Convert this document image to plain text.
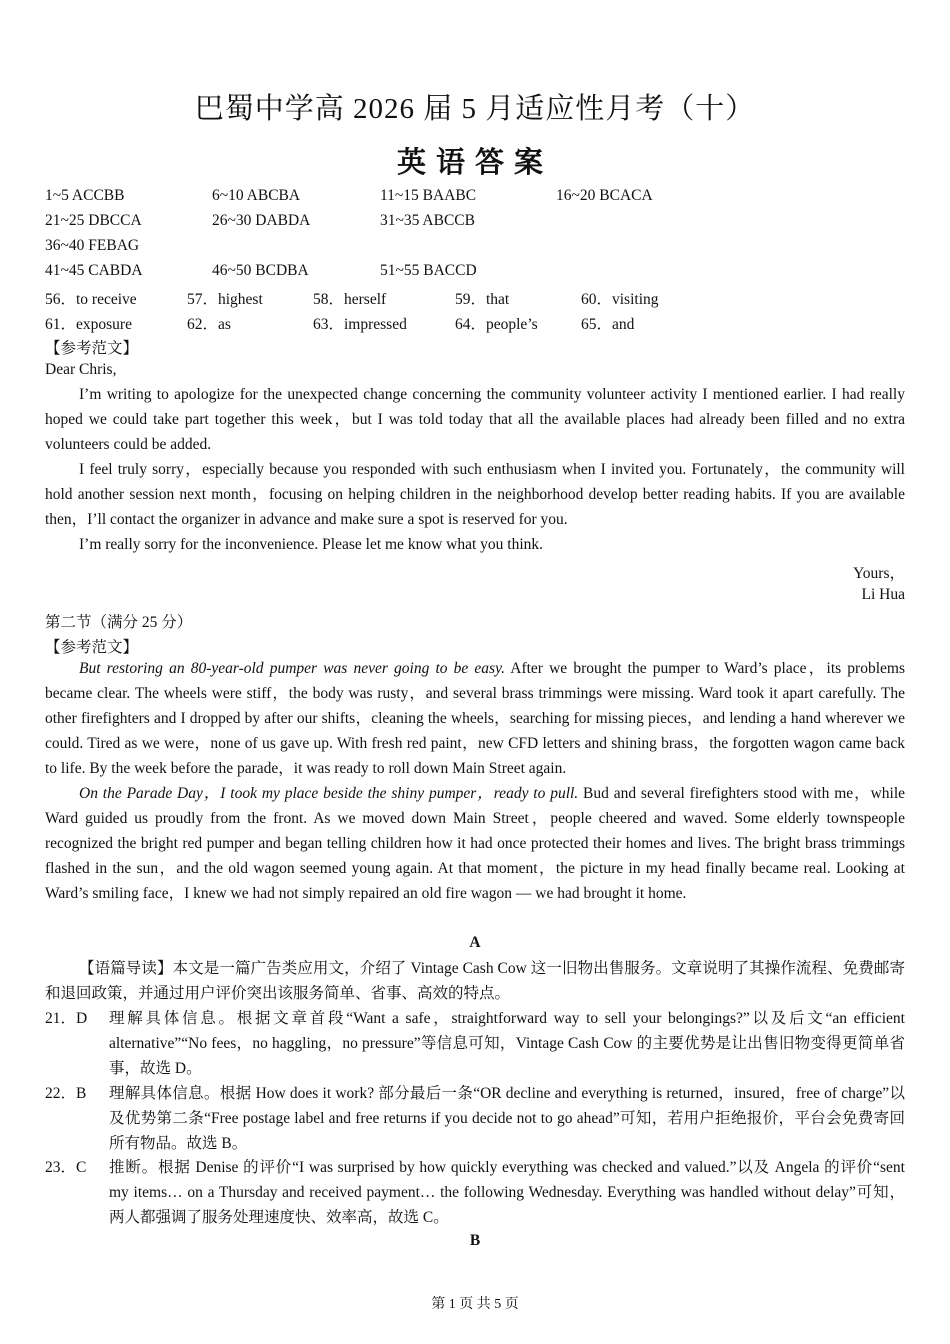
巴蜀中学高 2026 届 5 月适应性月考（十）
英语答案
1~5 ACCBB	6~10 ABCBA	11~15 BAABC	16~20 BCACA
21~25 DBCCA	26~30 DABDA	31~35 ABCCB
36~40 FEBAG
41~45 CABDA	46~50 BCDBA	51~55 BACCD
56．to receive	57．highest	58．herself	59．that	60．visiting
61．exposure	62．as	63．impressed	64．people’s	65．and
【参考范文】
Dear Chris,

I’m writing to apologize for the unexpected change concerning the community volunteer activity I mentioned earlier. I had really hoped we could take part together this week，but I was told today that all the available places had already been filled and no extra volunteers could be added.

I feel truly sorry，especially because you responded with such enthusiasm when I invited you. Fortunately，the community will hold another session next month，focusing on helping children in the neighborhood develop better reading habits. If you are available then，I’ll contact the organizer in advance and make sure a spot is reserved for you.

I’m really sorry for the inconvenience. Please let me know what you think.

Yours，
Li Hua
第二节（满分 25 分）
【参考范文】

But restoring an 80-year-old pumper was never going to be easy. After we brought the pumper to Ward’s place，its problems became clear. The wheels were stiff，the body was rusty，and several brass trimmings were missing. Ward took it apart carefully. The other firefighters and I dropped by after our shifts，cleaning the wheels，searching for missing pieces，and lending a hand wherever we could. Tired as we were，none of us gave up. With fresh red paint，new CFD letters and shining brass，the forgotten wagon came back to life. By the week before the parade，it was ready to roll down Main Street again.

On the Parade Day，I took my place beside the shiny pumper，ready to pull. Bud and several firefighters stood with me，while Ward guided us proudly from the front. As we moved down Main Street，people cheered and waved. Some elderly townspeople recognized the bright red pumper and began telling children how it had once protected their homes and lives. The bright brass trimmings flashed in the sun，and the old wagon seemed young again. At that moment，the picture in my head finally became real. Looking at Ward’s smiling face，I knew we had not simply repaired an old fire wagon — we had brought it home.

A

【语篇导读】本文是一篇广告类应用文，介绍了 Vintage Cash Cow 这一旧物出售服务。文章说明了其操作流程、免费邮寄和退回政策，并通过用户评价突出该服务简单、省事、高效的特点。

21．D 理解具体信息。根据文章首段“Want a safe，straightforward way to sell your belongings?”以及后文“an efficient alternative”“No fees，no haggling，no pressure”等信息可知，Vintage Cash Cow 的主要优势是让出售旧物变得更简单省事，故选 D。
22．B 理解具体信息。根据 How does it work? 部分最后一条“OR decline and everything is returned，insured，free of charge”以及优势第二条“Free postage label and free returns if you decide not to go ahead”可知，若用户拒绝报价，平台会免费寄回所有物品。故选 B。
23．C 推断。根据 Denise 的评价“I was surprised by how quickly everything was checked and valued.”以及 Angela 的评价“sent my items… on a Thursday and received payment… the following Wednesday. Everything was handled without delay”可知，两人都强调了服务处理速度快、效率高，故选 C。
B
第 1 页 共 5 页
